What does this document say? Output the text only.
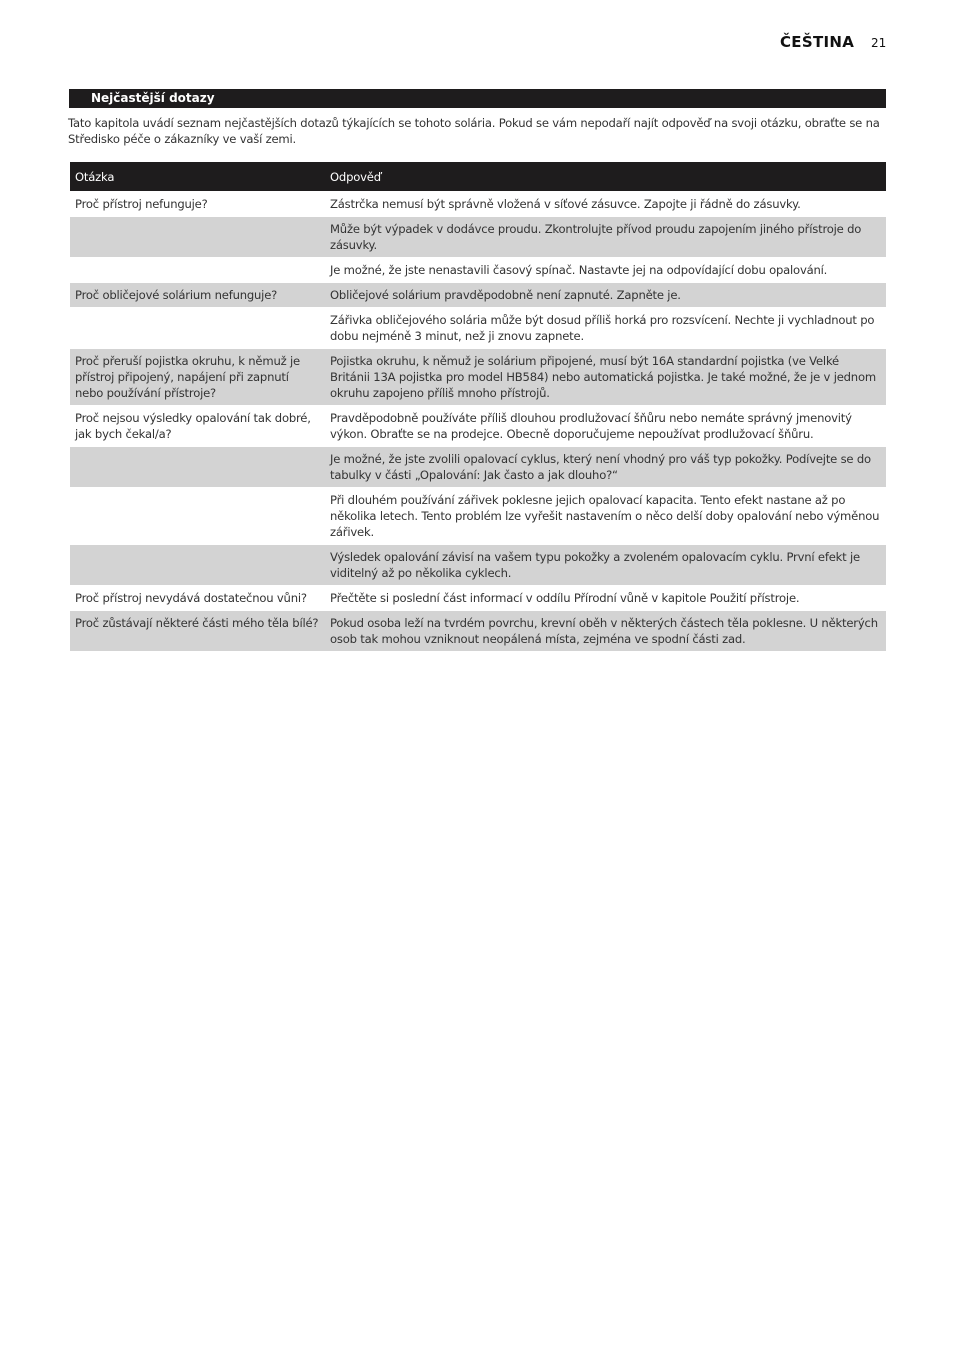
ČEŠTINA 21
Nejčastější dotazy

Tato kapitola uvádí seznam nejčastějších dotazů týkajících se tohoto solária. Pokud se vám nepodaří najít odpověď na svoji otázku, obraťte se na Středisko péče o zákazníky ve vaší zemi.

Otázka	Odpověď
Proč přístroj nefunguje?	Zástrčka nemusí být správně vložená v síťové zásuvce. Zapojte ji řádně do zásuvky.
	Může být výpadek v dodávce proudu. Zkontrolujte přívod proudu zapojením jiného přístroje do zásuvky.
	Je možné, že jste nenastavili časový spínač. Nastavte jej na odpovídající dobu opalování.
Proč obličejové solárium nefunguje?	Obličejové solárium pravděpodobně není zapnuté. Zapněte je.
	Zářivka obličejového solária může být dosud příliš horká pro rozsvícení. Nechte ji vychladnout po dobu nejméně 3 minut, než ji znovu zapnete.
Proč přeruší pojistka okruhu, k němuž je přístroj připojený, napájení při zapnutí nebo používání přístroje?	Pojistka okruhu, k němuž je solárium připojené, musí být 16A standardní pojistka (ve Velké Británii 13A pojistka pro model HB584) nebo automatická pojistka. Je také možné, že je v jednom okruhu zapojeno příliš mnoho přístrojů.
Proč nejsou výsledky opalování tak dobré, jak bych čekal/a?	Pravděpodobně používáte příliš dlouhou prodlužovací šňůru nebo nemáte správný jmenovitý výkon. Obraťte se na prodejce. Obecně doporučujeme nepoužívat prodlužovací šňůru.
	Je možné, že jste zvolili opalovací cyklus, který není vhodný pro váš typ pokožky. Podívejte se do tabulky v části „Opalování: Jak často a jak dlouho?“
	Při dlouhém používání zářivek poklesne jejich opalovací kapacita. Tento efekt nastane až po několika letech. Tento problém lze vyřešit nastavením o něco delší doby opalování nebo výměnou zářivek.
	Výsledek opalování závisí na vašem typu pokožky a zvoleném opalovacím cyklu. První efekt je viditelný až po několika cyklech.
Proč přístroj nevydává dostatečnou vůni?	Přečtěte si poslední část informací v oddílu Přírodní vůně v kapitole Použití přístroje.
Proč zůstávají některé části mého těla bílé?	Pokud osoba leží na tvrdém povrchu, krevní oběh v některých částech těla poklesne. U některých osob tak mohou vzniknout neopálená místa, zejména ve spodní části zad.
